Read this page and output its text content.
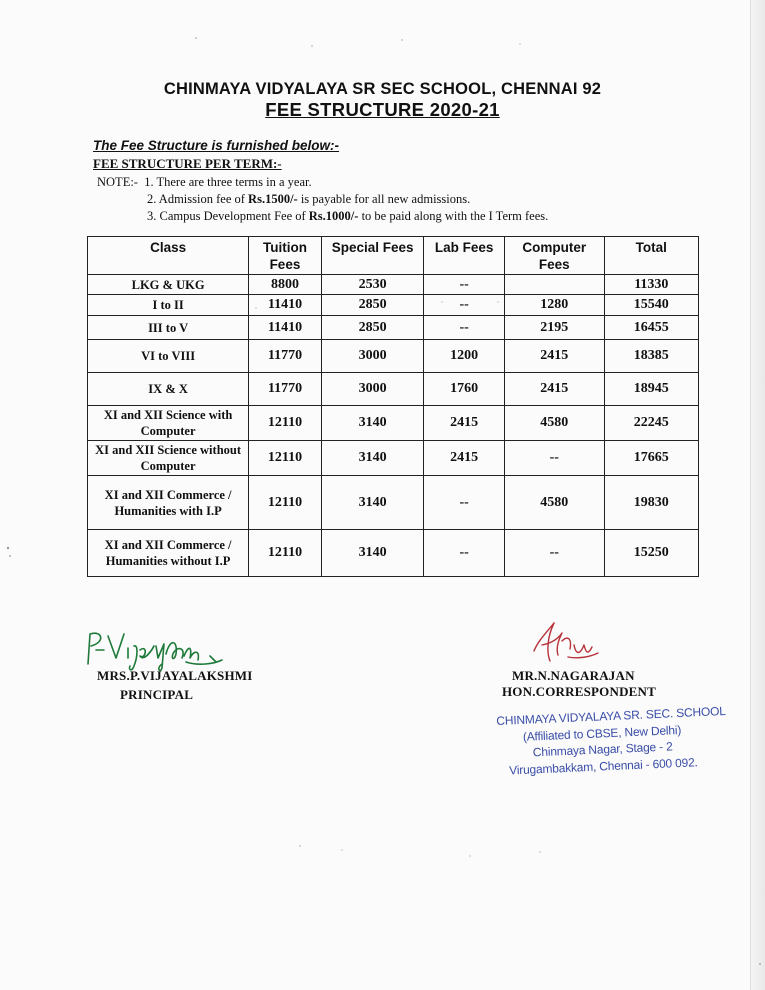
CHINMAYA VIDYALAYA SR SEC SCHOOL, CHENNAI 92
FEE STRUCTURE 2020-21
The Fee Structure is furnished below:-
FEE STRUCTURE PER TERM:-
NOTE:- 1. There are three terms in a year.
2. Admission fee of Rs.1500/- is payable for all new admissions.
3. Campus Development Fee of Rs.1000/- to be paid along with the I Term fees.
Class	Tuition Fees	Special Fees	Lab Fees	Computer Fees	Total
LKG & UKG	8800	2530	--		11330
I to II	11410	2850	--	1280	15540
III to V	11410	2850	--	2195	16455
VI to VIII	11770	3000	1200	2415	18385
IX & X	11770	3000	1760	2415	18945
XI and XII Science with Computer	12110	3140	2415	4580	22245
XI and XII Science without Computer	12110	3140	2415	--	17665
XI and XII Commerce / Humanities with I.P	12110	3140	--	4580	19830
XI and XII Commerce / Humanities without I.P	12110	3140	--	--	15250
MRS.P.VIJAYALAKSHMI
PRINCIPAL
MR.N.NAGARAJAN
HON.CORRESPONDENT
CHINMAYA VIDYALAYA SR. SEC. SCHOOL
(Affiliated to CBSE, New Delhi)
Chinmaya Nagar, Stage - 2
Virugambakkam, Chennai - 600 092.
